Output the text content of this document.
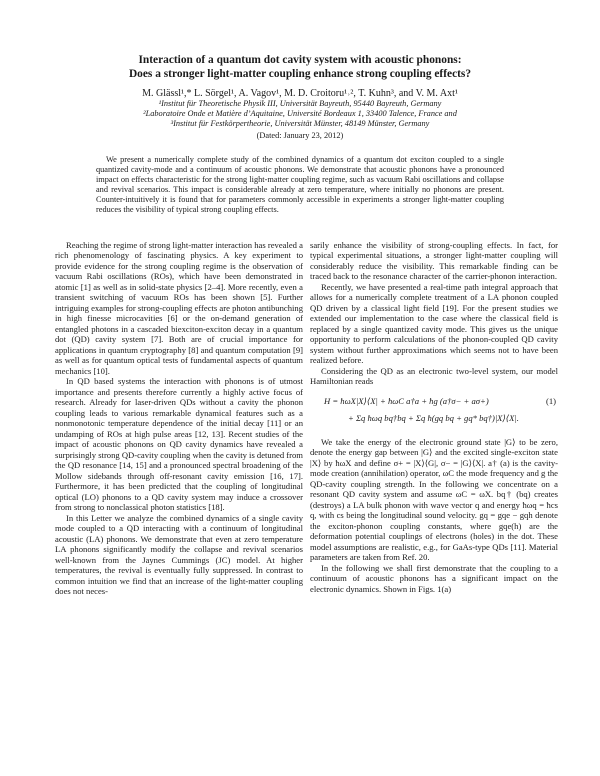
Interaction of a quantum dot cavity system with acoustic phonons:
Does a stronger light-matter coupling enhance strong coupling effects?
M. Glässl¹,* L. Sörgel¹, A. Vagov¹, M. D. Croitoru¹˒², T. Kuhn³, and V. M. Axt¹
¹Institut für Theoretische Physik III, Universität Bayreuth, 95440 Bayreuth, Germany
²Laboratoire Onde et Matière d’Aquitaine, Université Bordeaux 1, 33400 Talence, France and
³Institut für Festkörpertheorie, Universität Münster, 48149 Münster, Germany
(Dated: January 23, 2012)

We present a numerically complete study of the combined dynamics of a quantum dot exciton coupled to a single quantized cavity-mode and a continuum of acoustic phonons. We demonstrate that acoustic phonons have a pronounced impact on effects characteristic for the strong light-matter coupling regime, such as vacuum Rabi oscillations and collapse and revival scenarios. This impact is considerable already at zero temperature, where initially no phonons are present. Counter-intuitively it is found that for parameters commonly accessible in experiments a stronger light-matter coupling reduces the visibility of typical strong coupling effects.

Reaching the regime of strong light-matter interaction has revealed a rich phenomenology of fascinating physics. A key experiment to provide evidence for the strong coupling regime is the observation of vacuum Rabi oscillations (ROs), which have been demonstrated in atomic [1] as well as in solid-state physics [2–4]. More recently, even a transient switching of vacuum ROs has been shown [5]. Further intriguing examples for strong-coupling effects are photon antibunching in high finesse microcavities [6] or the on-demand generation of entangled photons in a cascaded biexciton-exciton decay in a quantum dot (QD) cavity system [7]. Both are of crucial importance for applications in quantum cryptography [8] and quantum computation [9] as well as for quantum optical tests of fundamental aspects of quantum mechanics [10].

In QD based systems the interaction with phonons is of utmost importance and presents therefore currently a highly active focus of research. Already for laser-driven QDs without a cavity the phonon coupling leads to various remarkable dynamical features such as a nonmonotonic temperature dependence of the initial decay [11] or an undamping of ROs at high pulse areas [12, 13]. Recent studies of the impact of acoustic phonons on QD cavity dynamics have revealed a surprisingly strong QD-cavity coupling when the cavity is detuned from the QD resonance [14, 15] and a pronounced spectral broadening of the Mollow sidebands through off-resonant cavity emission [16, 17]. Furthermore, it has been predicted that the coupling of longitudinal optical (LO) phonons to a QD cavity system may induce a crossover from strong to nonclassical photon statistics [18].

In this Letter we analyze the combined dynamics of a single cavity mode coupled to a QD interacting with a continuum of longitudinal acoustic (LA) phonons. We demonstrate that even at zero temperature LA phonons significantly modify the collapse and revival scenarios well-known from the Jaynes Cummings (JC) model. At higher temperatures, the revival is eventually fully suppressed. In contrast to common intuition we find that an increase of the light-matter coupling does not neces-

sarily enhance the visibility of strong-coupling effects. In fact, for typical experimental situations, a stronger light-matter coupling will considerably reduce the visibility. This remarkable finding can be traced back to the resonance character of the carrier-phonon interaction.

Recently, we have presented a real-time path integral approach that allows for a numerically complete treatment of a LA phonon coupled QD driven by a classical light field [19]. For the present studies we extended our implementation to the case where the classical field is replaced by a single quantized cavity mode. This gives us the unique opportunity to perform calculations of the phonon-coupled QD cavity system without further approximations which seems not to have been realized before.

Considering the QD as an electronic two-level system, our model Hamiltonian reads

H = ħωX|X⟩⟨X| + ħωC a†a + ħg (a†σ− + aσ+)
+ Σq ħωq bq†bq + Σq ħ(gq bq + gq* bq†)|X⟩⟨X|.
(1)

We take the energy of the electronic ground state |G⟩ to be zero, denote the energy gap between |G⟩ and the excited single-exciton state |X⟩ by ħωX and define σ+ = |X⟩⟨G|, σ− = |G⟩⟨X|. a† (a) is the cavity-mode creation (annihilation) operator, ωC the mode frequency and g the QD-cavity coupling strength. In the following we concentrate on a resonant QD cavity system and assume ωC = ωX. bq† (bq) creates (destroys) a LA bulk phonon with wave vector q and energy ħωq = ħcs q, with cs being the longitudinal sound velocity. gq = gqe − gqh denote the exciton-phonon coupling constants, where gqe(h) are the deformation potential couplings of electrons (holes) in the dot. These model assumptions are realistic, e.g., for GaAs-type QDs [11]. Material parameters are taken from Ref. 20.

In the following we shall first demonstrate that the coupling to a continuum of acoustic phonons has a significant impact on the electronic dynamics. Shown in Figs. 1(a)
